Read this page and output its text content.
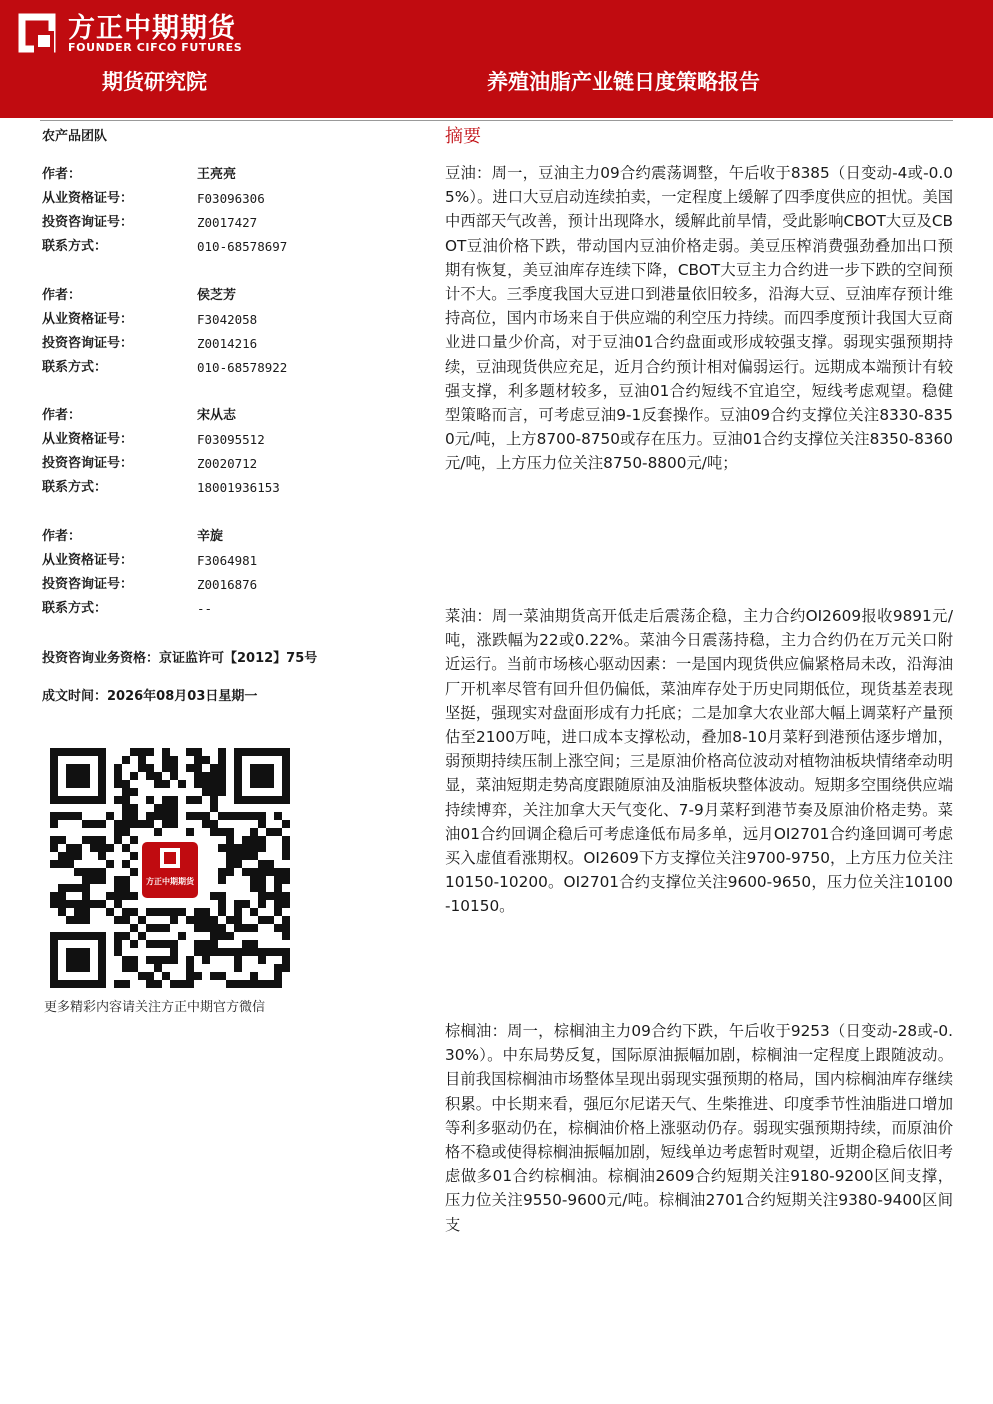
方正中期期货
FOUNDER CIFCO FUTURES
期货研究院	养殖油脂产业链日度策略报告
农产品团队
作者：	王亮亮
从业资格证号：	F03096306
投资咨询证号：	Z0017427
联系方式：	010-68578697
作者：	侯芝芳
从业资格证号：	F3042058
投资咨询证号：	Z0014216
联系方式：	010-68578922
作者：	宋从志
从业资格证号：	F03095512
投资咨询证号：	Z0020712
联系方式：	18001936153
作者：	辛旋
从业资格证号：	F3064981
投资咨询证号：	Z0016876
联系方式：	--
投资咨询业务资格：京证监许可【2012】75号
成文时间：2026年08月03日星期一
方正中期期货
更多精彩内容请关注方正中期官方微信
摘要
豆油：周一，豆油主力09合约震荡调整，午后收于8385（日变动-4或-0.05%）。进口大豆启动连续拍卖，一定程度上缓解了四季度供应的担忧。美国中西部天气改善，预计出现降水，缓解此前旱情，受此影响CBOT大豆及CBOT豆油价格下跌，带动国内豆油价格走弱。美豆压榨消费强劲叠加出口预期有恢复，美豆油库存连续下降，CBOT大豆主力合约进一步下跌的空间预计不大。三季度我国大豆进口到港量依旧较多，沿海大豆、豆油库存预计维持高位，国内市场来自于供应端的利空压力持续。而四季度预计我国大豆商业进口量少价高，对于豆油01合约盘面或形成较强支撑。弱现实强预期持续，豆油现货供应充足，近月合约预计相对偏弱运行。远期成本端预计有较强支撑，利多题材较多，豆油01合约短线不宜追空，短线考虑观望。稳健型策略而言，可考虑豆油9-1反套操作。豆油09合约支撑位关注8330-8350元/吨，上方8700-8750或存在压力。豆油01合约支撑位关注8350-8360元/吨，上方压力位关注8750-8800元/吨；
菜油：周一菜油期货高开低走后震荡企稳，主力合约OI2609报收9891元/吨，涨跌幅为22或0.22%。菜油今日震荡持稳，主力合约仍在万元关口附近运行。当前市场核心驱动因素：一是国内现货供应偏紧格局未改，沿海油厂开机率尽管有回升但仍偏低，菜油库存处于历史同期低位，现货基差表现坚挺，强现实对盘面形成有力托底；二是加拿大农业部大幅上调菜籽产量预估至2100万吨，进口成本支撑松动，叠加8-10月菜籽到港预估逐步增加，弱预期持续压制上涨空间；三是原油价格高位波动对植物油板块情绪牵动明显，菜油短期走势高度跟随原油及油脂板块整体波动。短期多空围绕供应端持续博弈，关注加拿大天气变化、7-9月菜籽到港节奏及原油价格走势。菜油01合约回调企稳后可考虑逢低布局多单，远月OI2701合约逢回调可考虑买入虚值看涨期权。OI2609下方支撑位关注9700-9750，上方压力位关注10150-10200。OI2701合约支撑位关注9600-9650，压力位关注10100-10150。
棕榈油：周一，棕榈油主力09合约下跌，午后收于9253（日变动-28或-0.30%）。中东局势反复，国际原油振幅加剧，棕榈油一定程度上跟随波动。目前我国棕榈油市场整体呈现出弱现实强预期的格局，国内棕榈油库存继续积累。中长期来看，强厄尔尼诺天气、生柴推进、印度季节性油脂进口增加等利多驱动仍在，棕榈油价格上涨驱动仍存。弱现实强预期持续，而原油价格不稳或使得棕榈油振幅加剧，短线单边考虑暂时观望，近期企稳后依旧考虑做多01合约棕榈油。棕榈油2609合约短期关注9180-9200区间支撑，压力位关注9550-9600元/吨。棕榈油2701合约短期关注9380-9400区间支
